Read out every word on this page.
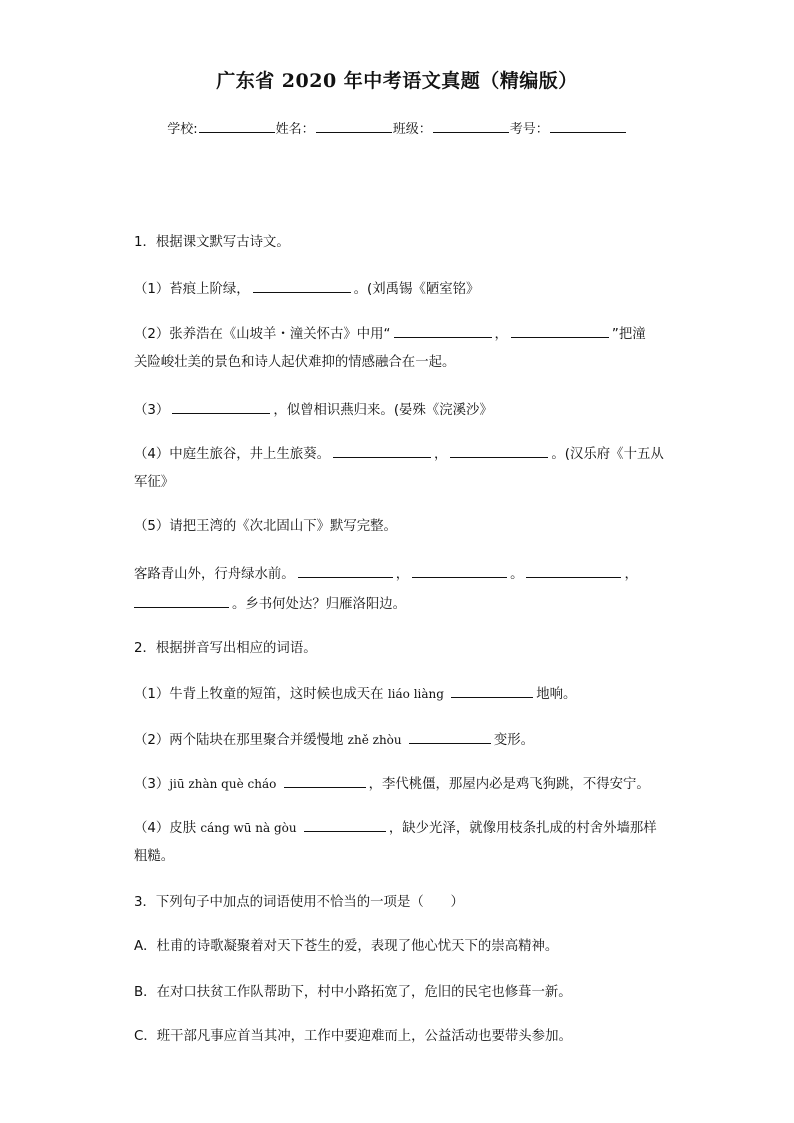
广东省 2020 年中考语文真题（精编版）
学校:	姓名：	班级：	考号：
1．根据课文默写古诗文。
（1）苔痕上阶绿，	。(刘禹锡《陋室铭》
（2）张养浩在《山坡羊・潼关怀古》中用“	，	”把潼
关险峻壮美的景色和诗人起伏难抑的情感融合在一起。
（3）	，似曾相识燕归来。(晏殊《浣溪沙》
（4）中庭生旅谷，井上生旅葵。	，	。(汉乐府《十五从
军征》
（5）请把王湾的《次北固山下》默写完整。
客路青山外，行舟绿水前。	，	。	，
。乡书何处达？归雁洛阳边。
2．根据拼音写出相应的词语。
（1）牛背上牧童的短笛，这时候也成天在 liáo liàng	地响。
（2）两个陆块在那里聚合并缓慢地 zhě zhòu	变形。
（3）jiū zhàn què cháo	，李代桃僵，那屋内必是鸡飞狗跳，不得安宁。
（4）皮肤 cáng wū nà gòu	，缺少光泽，就像用枝条扎成的村舍外墙那样
粗糙。
3．下列句子中加点的词语使用不恰当的一项是（　　）
A．杜甫的诗歌凝聚着对天下苍生的爱，表现了他心忧天下的崇高精神。
B．在对口扶贫工作队帮助下，村中小路拓宽了，危旧的民宅也修葺一新。
C．班干部凡事应首当其冲，工作中要迎难而上，公益活动也要带头参加。
